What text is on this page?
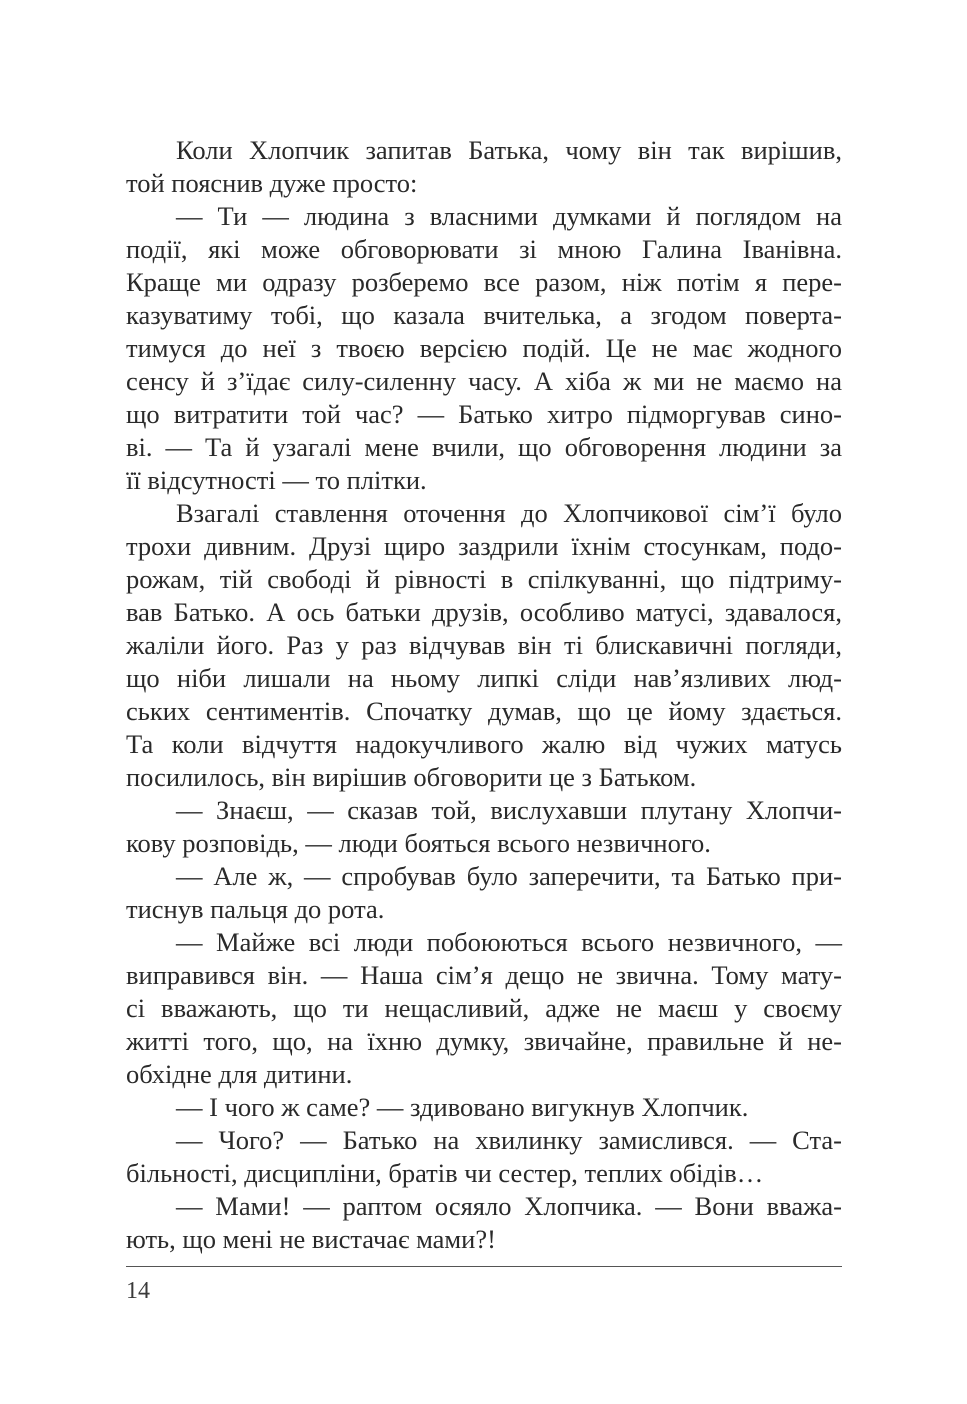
Коли Хлопчик запитав Батька, чому він так вирішив,
той пояснив дуже просто:
— Ти — людина з власними думками й поглядом на
події, які може обговорювати зі мною Галина Іванівна.
Краще ми одразу розберемо все разом, ніж потім я пере-
казуватиму тобі, що казала вчителька, а згодом поверта-
тимуся до неї з твоєю версією подій. Це не має жодного
сенсу й з’їдає силу-силенну часу. А хіба ж ми не маємо на
що витратити той час? — Батько хитро підморгував сино-
ві. — Та й узагалі мене вчили, що обговорення людини за
її відсутності — то плітки.
Взагалі ставлення оточення до Хлопчикової сім’ї було
трохи дивним. Друзі щиро заздрили їхнім стосункам, подо-
рожам, тій свободі й рівності в спілкуванні, що підтриму-
вав Батько. А ось батьки друзів, особливо матусі, здавалося,
жаліли його. Раз у раз відчував він ті блискавичні погляди,
що ніби лишали на ньому липкі сліди нав’язливих люд-
ських сентиментів. Спочатку думав, що це йому здається.
Та коли відчуття надокучливого жалю від чужих матусь
посилилось, він вирішив обговорити це з Батьком.
— Знаєш, — сказав той, вислухавши плутану Хлопчи-
кову розповідь, — люди бояться всього незвичного.
— Але ж, — спробував було заперечити, та Батько при-
тиснув пальця до рота.
— Майже всі люди побоюються всього незвичного, —
виправився він. — Наша сім’я дещо не звична. Тому мату-
сі вважають, що ти нещасливий, адже не маєш у своєму
житті того, що, на їхню думку, звичайне, правильне й не-
обхідне для дитини.
— І чого ж саме? — здивовано вигукнув Хлопчик.
— Чого? — Батько на хвилинку замислився. — Ста-
більності, дисципліни, братів чи сестер, теплих обідів…
— Мами! — раптом осяяло Хлопчика. — Вони вважа-
ють, що мені не вистачає мами?!
14
